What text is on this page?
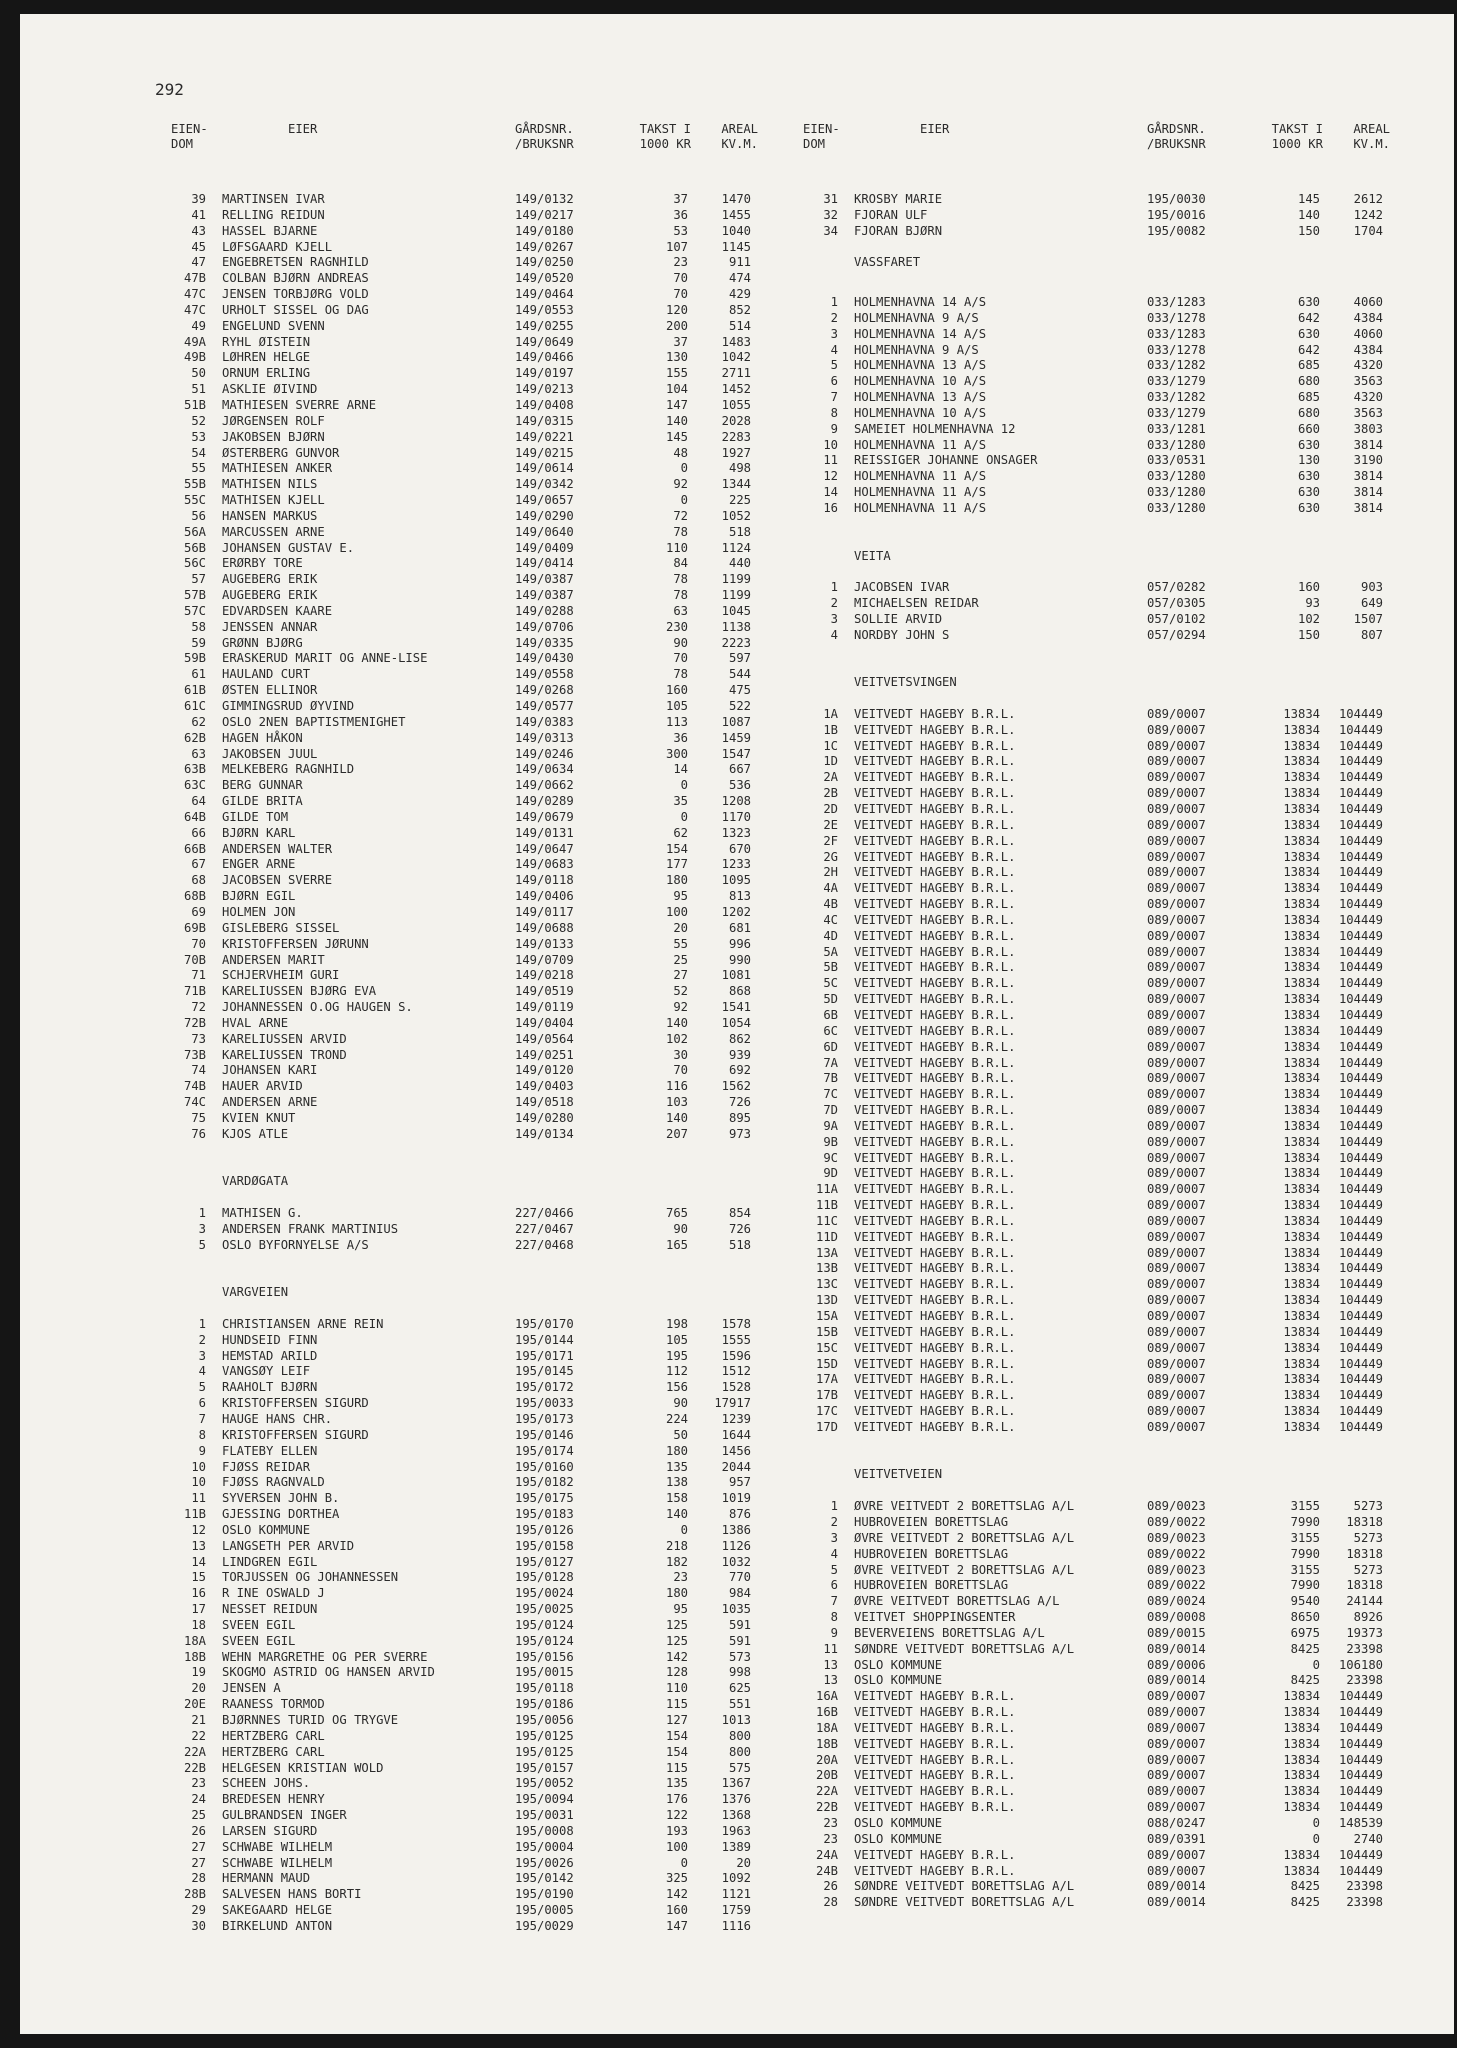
292
EIEN-
DOM
EIER	GÅRDSNR.
/BRUKSNR
TAKST I
1000 KR
AREAL
KV.M.
39 MARTINSEN IVAR	149/0132	37	1470
41 RELLING REIDUN	149/0217	36	1455
43 HASSEL BJARNE	149/0180	53	1040
45 LØFSGAARD KJELL	149/0267	107	1145
47 ENGEBRETSEN RAGNHILD	149/0250	23	911
47B COLBAN BJØRN ANDREAS	149/0520	70	474
47C JENSEN TORBJØRG VOLD	149/0464	70	429
47C URHOLT SISSEL OG DAG	149/0553	120	852
49 ENGELUND SVENN	149/0255	200	514
49A RYHL ØISTEIN	149/0649	37	1483
49B LØHREN HELGE	149/0466	130	1042
50 ORNUM ERLING	149/0197	155	2711
51 ASKLIE ØIVIND	149/0213	104	1452
51B MATHIESEN SVERRE ARNE	149/0408	147	1055
52 JØRGENSEN ROLF	149/0315	140	2028
53 JAKOBSEN BJØRN	149/0221	145	2283
54 ØSTERBERG GUNVOR	149/0215	48	1927
55 MATHIESEN ANKER	149/0614	0	498
55B MATHISEN NILS	149/0342	92	1344
55C MATHISEN KJELL	149/0657	0	225
56 HANSEN MARKUS	149/0290	72	1052
56A MARCUSSEN ARNE	149/0640	78	518
56B JOHANSEN GUSTAV E.	149/0409	110	1124
56C ERØRBY TORE	149/0414	84	440
57 AUGEBERG ERIK	149/0387	78	1199
57B AUGEBERG ERIK	149/0387	78	1199
57C EDVARDSEN KAARE	149/0288	63	1045
58 JENSSEN ANNAR	149/0706	230	1138
59 GRØNN BJØRG	149/0335	90	2223
59B ERASKERUD MARIT OG ANNE-LISE	149/0430	70	597
61 HAULAND CURT	149/0558	78	544
61B ØSTEN ELLINOR	149/0268	160	475
61C GIMMINGSRUD ØYVIND	149/0577	105	522
62 OSLO 2NEN BAPTISTMENIGHET	149/0383	113	1087
62B HAGEN HÅKON	149/0313	36	1459
63 JAKOBSEN JUUL	149/0246	300	1547
63B MELKEBERG RAGNHILD	149/0634	14	667
63C BERG GUNNAR	149/0662	0	536
64 GILDE BRITA	149/0289	35	1208
64B GILDE TOM	149/0679	0	1170
66 BJØRN KARL	149/0131	62	1323
66B ANDERSEN WALTER	149/0647	154	670
67 ENGER ARNE	149/0683	177	1233
68 JACOBSEN SVERRE	149/0118	180	1095
68B BJØRN EGIL	149/0406	95	813
69 HOLMEN JON	149/0117	100	1202
69B GISLEBERG SISSEL	149/0688	20	681
70 KRISTOFFERSEN JØRUNN	149/0133	55	996
70B ANDERSEN MARIT	149/0709	25	990
71 SCHJERVHEIM GURI	149/0218	27	1081
71B KARELIUSSEN BJØRG EVA	149/0519	52	868
72 JOHANNESSEN O.OG HAUGEN S.	149/0119	92	1541
72B HVAL ARNE	149/0404	140	1054
73 KARELIUSSEN ARVID	149/0564	102	862
73B KARELIUSSEN TROND	149/0251	30	939
74 JOHANSEN KARI	149/0120	70	692
74B HAUER ARVID	149/0403	116	1562
74C ANDERSEN ARNE	149/0518	103	726
75 KVIEN KNUT	149/0280	140	895
76 KJOS ATLE	149/0134	207	973
VARDØGATA
1 MATHISEN G.	227/0466	765	854
3 ANDERSEN FRANK MARTINIUS	227/0467	90	726
5 OSLO BYFORNYELSE A/S	227/0468	165	518
VARGVEIEN
1 CHRISTIANSEN ARNE REIN	195/0170	198	1578
2 HUNDSEID FINN	195/0144	105	1555
3 HEMSTAD ARILD	195/0171	195	1596
4 VANGSØY LEIF	195/0145	112	1512
5 RAAHOLT BJØRN	195/0172	156	1528
6 KRISTOFFERSEN SIGURD	195/0033	90	17917
7 HAUGE HANS CHR.	195/0173	224	1239
8 KRISTOFFERSEN SIGURD	195/0146	50	1644
9 FLATEBY ELLEN	195/0174	180	1456
10 FJØSS REIDAR	195/0160	135	2044
10 FJØSS RAGNVALD	195/0182	138	957
11 SYVERSEN JOHN B.	195/0175	158	1019
11B GJESSING DORTHEA	195/0183	140	876
12 OSLO KOMMUNE	195/0126	0	1386
13 LANGSETH PER ARVID	195/0158	218	1126
14 LINDGREN EGIL	195/0127	182	1032
15 TORJUSSEN OG JOHANNESSEN	195/0128	23	770
16 R INE OSWALD J	195/0024	180	984
17 NESSET REIDUN	195/0025	95	1035
18 SVEEN EGIL	195/0124	125	591
18A SVEEN EGIL	195/0124	125	591
18B WEHN MARGRETHE OG PER SVERRE	195/0156	142	573
19 SKOGMO ASTRID OG HANSEN ARVID	195/0015	128	998
20 JENSEN A	195/0118	110	625
20E RAANESS TORMOD	195/0186	115	551
21 BJØRNNES TURID OG TRYGVE	195/0056	127	1013
22 HERTZBERG CARL	195/0125	154	800
22A HERTZBERG CARL	195/0125	154	800
22B HELGESEN KRISTIAN WOLD	195/0157	115	575
23 SCHEEN JOHS.	195/0052	135	1367
24 BREDESEN HENRY	195/0094	176	1376
25 GULBRANDSEN INGER	195/0031	122	1368
26 LARSEN SIGURD	195/0008	193	1963
27 SCHWABE WILHELM	195/0004	100	1389
27 SCHWABE WILHELM	195/0026	0	20
28 HERMANN MAUD	195/0142	325	1092
28B SALVESEN HANS BORTI	195/0190	142	1121
29 SAKEGAARD HELGE	195/0005	160	1759
30 BIRKELUND ANTON	195/0029	147	1116
EIEN-
DOM
EIER	GÅRDSNR.
/BRUKSNR
TAKST I
1000 KR
AREAL
KV.M.
31 KROSBY MARIE	195/0030	145	2612
32 FJORAN ULF	195/0016	140	1242
34 FJORAN BJØRN	195/0082	150	1704
VASSFARET
1 HOLMENHAVNA 14 A/S	033/1283	630	4060
2 HOLMENHAVNA 9 A/S	033/1278	642	4384
3 HOLMENHAVNA 14 A/S	033/1283	630	4060
4 HOLMENHAVNA 9 A/S	033/1278	642	4384
5 HOLMENHAVNA 13 A/S	033/1282	685	4320
6 HOLMENHAVNA 10 A/S	033/1279	680	3563
7 HOLMENHAVNA 13 A/S	033/1282	685	4320
8 HOLMENHAVNA 10 A/S	033/1279	680	3563
9 SAMEIET HOLMENHAVNA 12	033/1281	660	3803
10 HOLMENHAVNA 11 A/S	033/1280	630	3814
11 REISSIGER JOHANNE ONSAGER	033/0531	130	3190
12 HOLMENHAVNA 11 A/S	033/1280	630	3814
14 HOLMENHAVNA 11 A/S	033/1280	630	3814
16 HOLMENHAVNA 11 A/S	033/1280	630	3814
VEITA
1 JACOBSEN IVAR	057/0282	160	903
2 MICHAELSEN REIDAR	057/0305	93	649
3 SOLLIE ARVID	057/0102	102	1507
4 NORDBY JOHN S	057/0294	150	807
VEITVETSVINGEN
1A VEITVEDT HAGEBY B.R.L.	089/0007	13834 104449
1B VEITVEDT HAGEBY B.R.L.	089/0007	13834 104449
1C VEITVEDT HAGEBY B.R.L.	089/0007	13834 104449
1D VEITVEDT HAGEBY B.R.L.	089/0007	13834 104449
2A VEITVEDT HAGEBY B.R.L.	089/0007	13834 104449
2B VEITVEDT HAGEBY B.R.L.	089/0007	13834 104449
2D VEITVEDT HAGEBY B.R.L.	089/0007	13834 104449
2E VEITVEDT HAGEBY B.R.L.	089/0007	13834 104449
2F VEITVEDT HAGEBY B.R.L.	089/0007	13834 104449
2G VEITVEDT HAGEBY B.R.L.	089/0007	13834 104449
2H VEITVEDT HAGEBY B.R.L.	089/0007	13834 104449
4A VEITVEDT HAGEBY B.R.L.	089/0007	13834 104449
4B VEITVEDT HAGEBY B.R.L.	089/0007	13834 104449
4C VEITVEDT HAGEBY B.R.L.	089/0007	13834 104449
4D VEITVEDT HAGEBY B.R.L.	089/0007	13834 104449
5A VEITVEDT HAGEBY B.R.L.	089/0007	13834 104449
5B VEITVEDT HAGEBY B.R.L.	089/0007	13834 104449
5C VEITVEDT HAGEBY B.R.L.	089/0007	13834 104449
5D VEITVEDT HAGEBY B.R.L.	089/0007	13834 104449
6B VEITVEDT HAGEBY B.R.L.	089/0007	13834 104449
6C VEITVEDT HAGEBY B.R.L.	089/0007	13834 104449
6D VEITVEDT HAGEBY B.R.L.	089/0007	13834 104449
7A VEITVEDT HAGEBY B.R.L.	089/0007	13834 104449
7B VEITVEDT HAGEBY B.R.L.	089/0007	13834 104449
7C VEITVEDT HAGEBY B.R.L.	089/0007	13834 104449
7D VEITVEDT HAGEBY B.R.L.	089/0007	13834 104449
9A VEITVEDT HAGEBY B.R.L.	089/0007	13834 104449
9B VEITVEDT HAGEBY B.R.L.	089/0007	13834 104449
9C VEITVEDT HAGEBY B.R.L.	089/0007	13834 104449
9D VEITVEDT HAGEBY B.R.L.	089/0007	13834 104449
11A VEITVEDT HAGEBY B.R.L.	089/0007	13834 104449
11B VEITVEDT HAGEBY B.R.L.	089/0007	13834 104449
11C VEITVEDT HAGEBY B.R.L.	089/0007	13834 104449
11D VEITVEDT HAGEBY B.R.L.	089/0007	13834 104449
13A VEITVEDT HAGEBY B.R.L.	089/0007	13834 104449
13B VEITVEDT HAGEBY B.R.L.	089/0007	13834 104449
13C VEITVEDT HAGEBY B.R.L.	089/0007	13834 104449
13D VEITVEDT HAGEBY B.R.L.	089/0007	13834 104449
15A VEITVEDT HAGEBY B.R.L.	089/0007	13834 104449
15B VEITVEDT HAGEBY B.R.L.	089/0007	13834 104449
15C VEITVEDT HAGEBY B.R.L.	089/0007	13834 104449
15D VEITVEDT HAGEBY B.R.L.	089/0007	13834 104449
17A VEITVEDT HAGEBY B.R.L.	089/0007	13834 104449
17B VEITVEDT HAGEBY B.R.L.	089/0007	13834 104449
17C VEITVEDT HAGEBY B.R.L.	089/0007	13834 104449
17D VEITVEDT HAGEBY B.R.L.	089/0007	13834 104449
VEITVETVEIEN
1 ØVRE VEITVEDT 2 BORETTSLAG A/L	089/0023	3155	5273
2 HUBROVEIEN BORETTSLAG	089/0022	7990	18318
3 ØVRE VEITVEDT 2 BORETTSLAG A/L	089/0023	3155	5273
4 HUBROVEIEN BORETTSLAG	089/0022	7990	18318
5 ØVRE VEITVEDT 2 BORETTSLAG A/L	089/0023	3155	5273
6 HUBROVEIEN BORETTSLAG	089/0022	7990	18318
7 ØVRE VEITVEDT BORETTSLAG A/L	089/0024	9540	24144
8 VEITVET SHOPPINGSENTER	089/0008	8650	8926
9 BEVERVEIENS BORETTSLAG A/L	089/0015	6975	19373
11 SØNDRE VEITVEDT BORETTSLAG A/L	089/0014	8425	23398
13 OSLO KOMMUNE	089/0006	0 106180
13 OSLO KOMMUNE	089/0014	8425	23398
16A VEITVEDT HAGEBY B.R.L.	089/0007	13834 104449
16B VEITVEDT HAGEBY B.R.L.	089/0007	13834 104449
18A VEITVEDT HAGEBY B.R.L.	089/0007	13834 104449
18B VEITVEDT HAGEBY B.R.L.	089/0007	13834 104449
20A VEITVEDT HAGEBY B.R.L.	089/0007	13834 104449
20B VEITVEDT HAGEBY B.R.L.	089/0007	13834 104449
22A VEITVEDT HAGEBY B.R.L.	089/0007	13834 104449
22B VEITVEDT HAGEBY B.R.L.	089/0007	13834 104449
23 OSLO KOMMUNE	088/0247	0 148539
23 OSLO KOMMUNE	089/0391	0	2740
24A VEITVEDT HAGEBY B.R.L.	089/0007	13834 104449
24B VEITVEDT HAGEBY B.R.L.	089/0007	13834 104449
26 SØNDRE VEITVEDT BORETTSLAG A/L	089/0014	8425	23398
28 SØNDRE VEITVEDT BORETTSLAG A/L	089/0014	8425	23398
